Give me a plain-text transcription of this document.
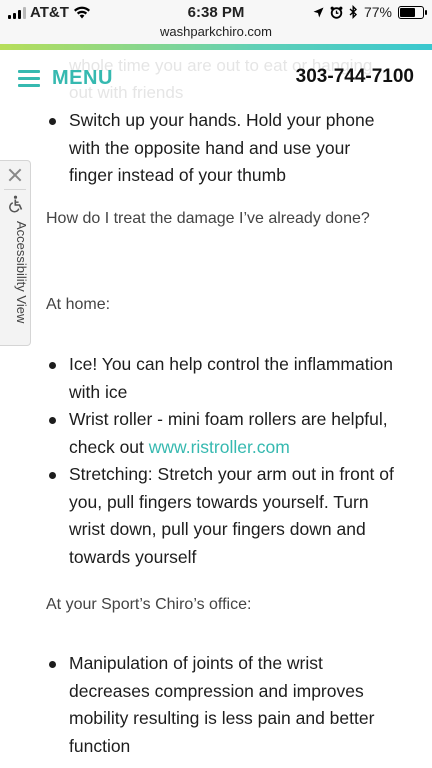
AT&T	6:38 PM
washparkchiro.com
77%
MENU	303-744-7100
Switch up your hands. Hold your phone with the opposite hand and use your finger instead of your thumb
How do I treat the damage I’ve already done?
At home:
Ice! You can help control the inflammation with ice
Wrist roller - mini foam rollers are helpful, check out www.ristroller.com
Stretching: Stretch your arm out in front of you, pull fingers towards yourself. Turn wrist down, pull your fingers down and towards yourself
At your Sport’s Chiro’s office:
Manipulation of joints of the wrist decreases compression and improves mobility resulting is less pain and better function
Accessibility View
